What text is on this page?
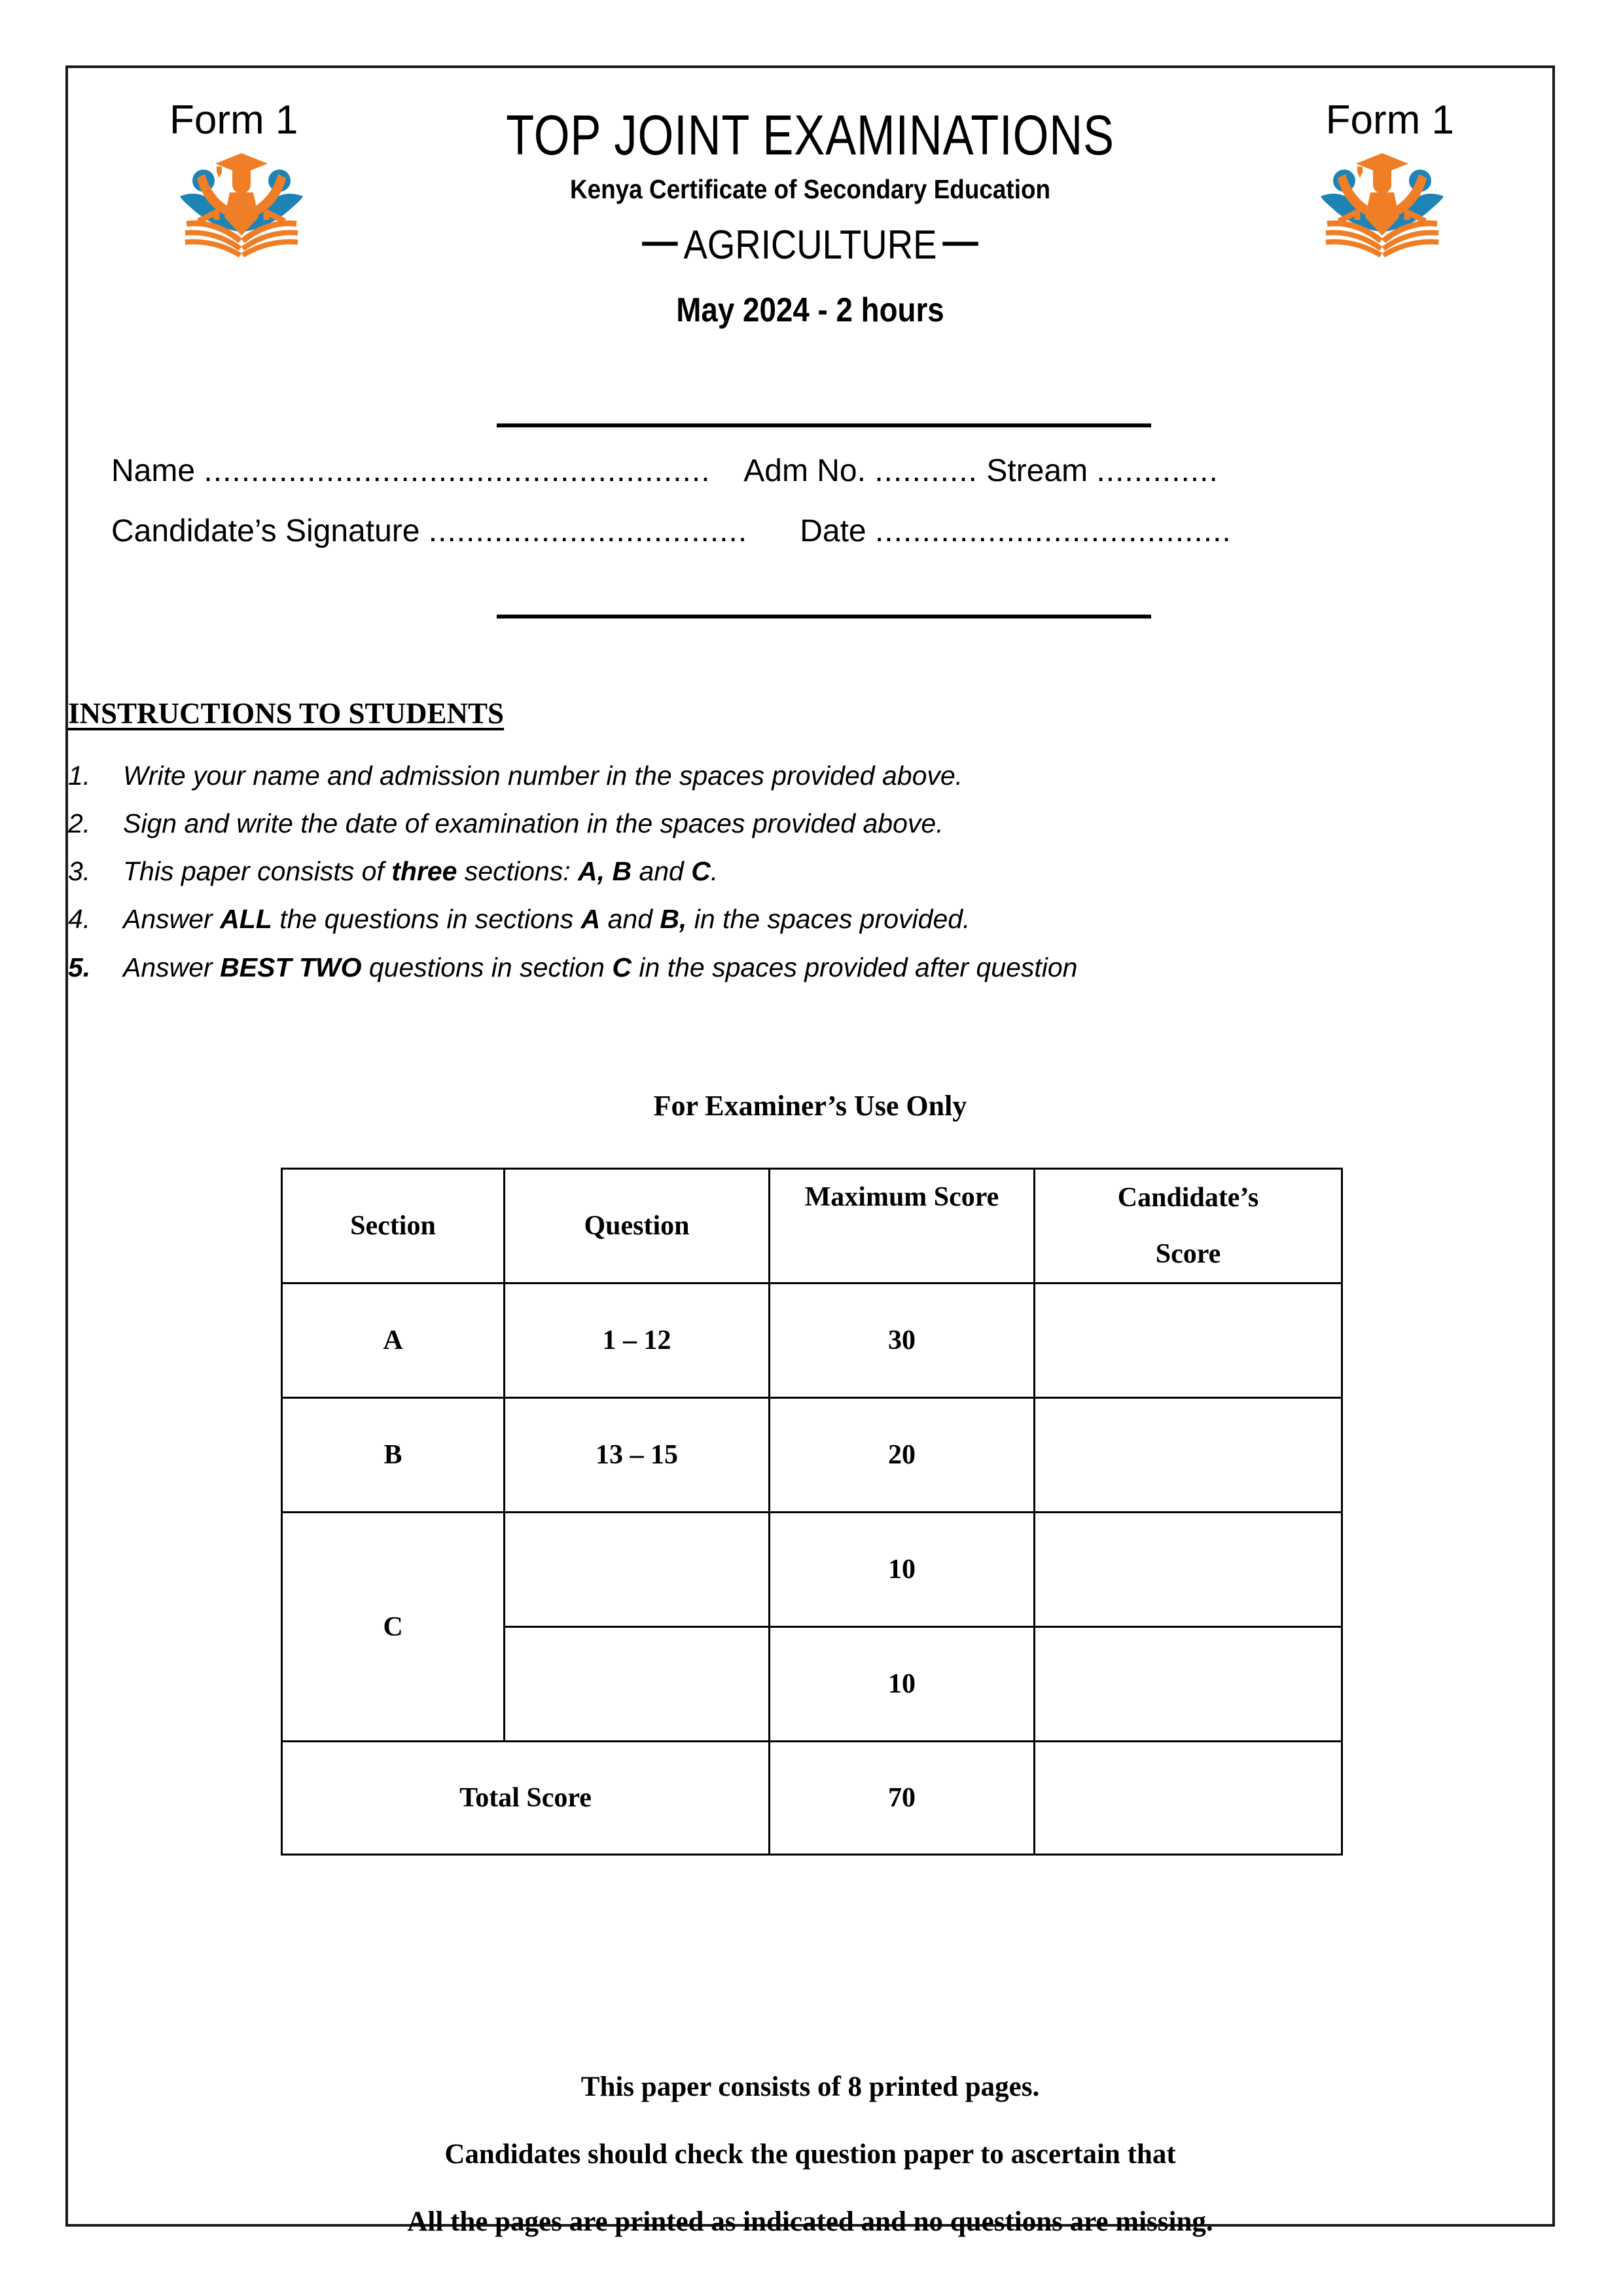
Form 1	Form 1
TOP JOINT EXAMINATIONS
Kenya Certificate of Secondary Education
— AGRICULTURE —
May 2024 - 2 hours
Name ...................................................... Adm No. ........... Stream .............
Candidate’s Signature .................................. Date ......................................
INSTRUCTIONS TO STUDENTS
1.	Write your name and admission number in the spaces provided above.
2.	Sign and write the date of examination in the spaces provided above.
3.	This paper consists of three sections: A, B and C.
4.	Answer ALL the questions in sections A and B, in the spaces provided.
5.	Answer BEST TWO questions in section C in the spaces provided after question
For Examiner’s Use Only
Section	Question	Maximum Score	Candidate’s
Score

A	1 – 12	30	
B	13 – 15	20	
C		10	
		10	

Total Score		70	

This paper consists of 8 printed pages.

Candidates should check the question paper to ascertain that

All the pages are printed as indicated and no questions are missing.
